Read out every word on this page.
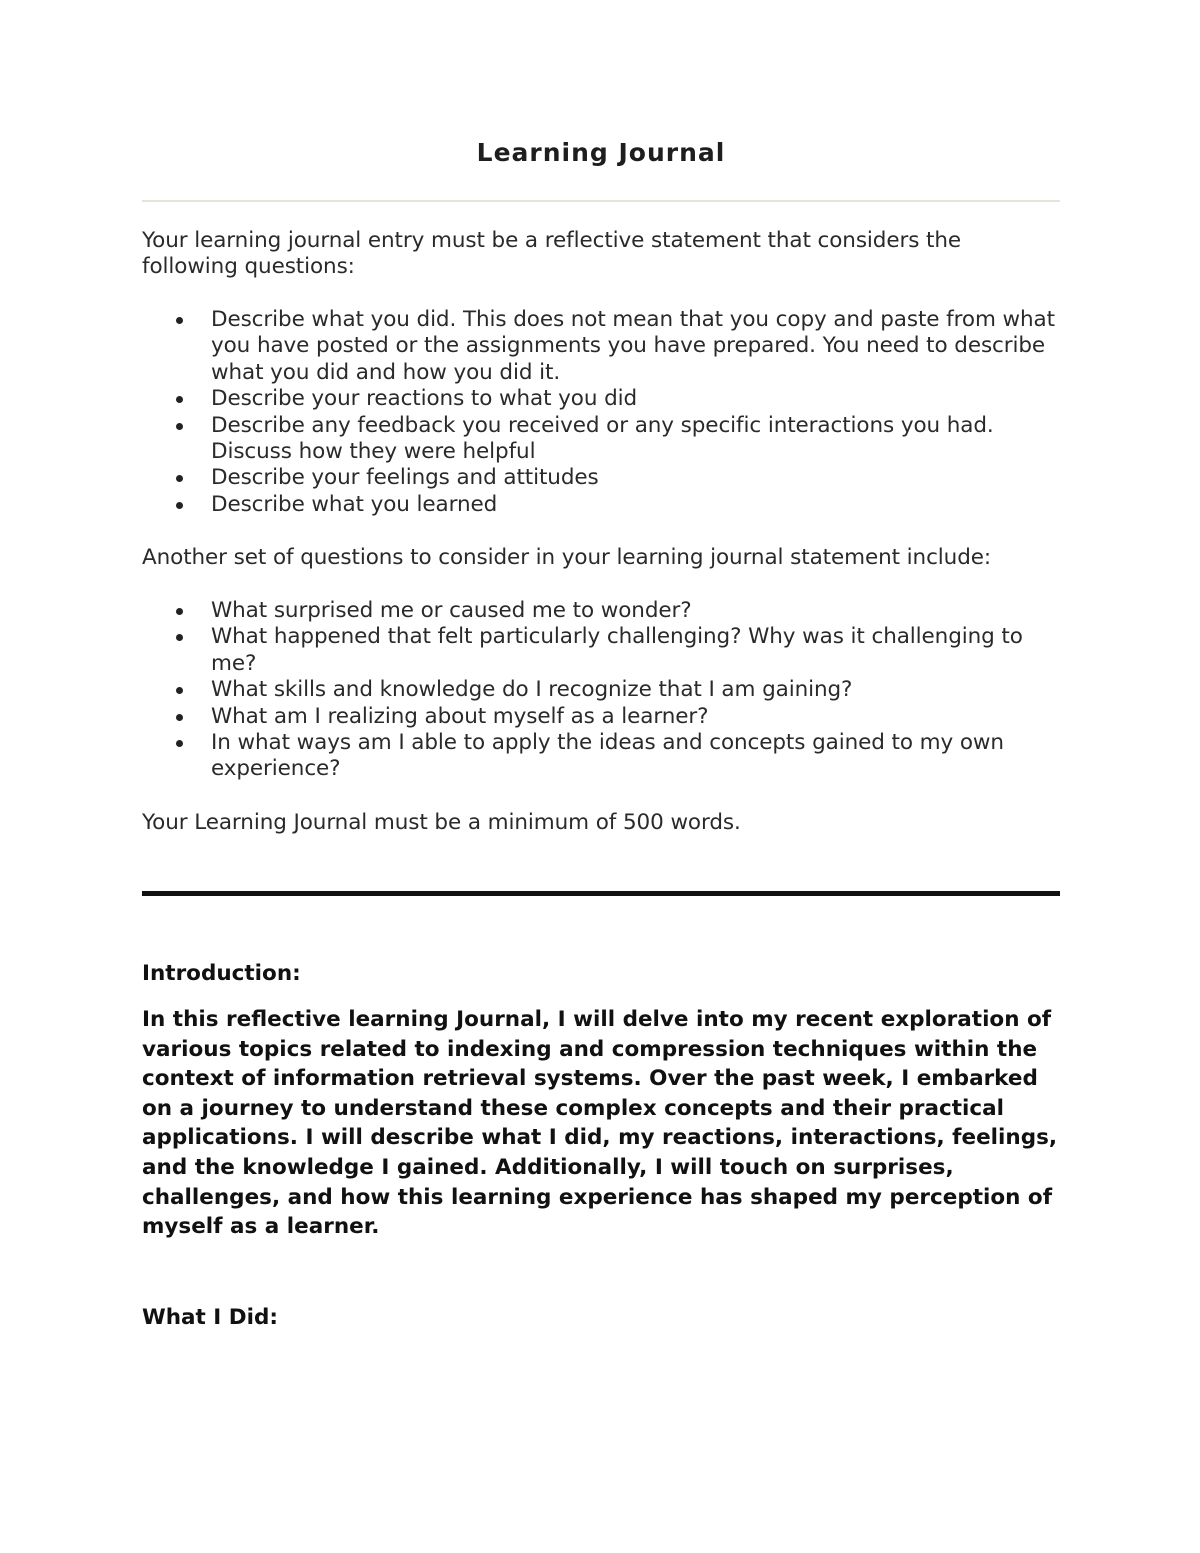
Learning Journal

Your learning journal entry must be a reflective statement that considers the following questions:

Describe what you did. This does not mean that you copy and paste from what you have posted or the assignments you have prepared. You need to describe what you did and how you did it.
Describe your reactions to what you did
Describe any feedback you received or any specific interactions you had. Discuss how they were helpful
Describe your feelings and attitudes
Describe what you learned

Another set of questions to consider in your learning journal statement include:

What surprised me or caused me to wonder?
What happened that felt particularly challenging? Why was it challenging to me?
What skills and knowledge do I recognize that I am gaining?
What am I realizing about myself as a learner?
In what ways am I able to apply the ideas and concepts gained to my own experience?

Your Learning Journal must be a minimum of 500 words.

Introduction:

In this reflective learning Journal, I will delve into my recent exploration of various topics related to indexing and compression techniques within the context of information retrieval systems. Over the past week, I embarked on a journey to understand these complex concepts and their practical applications. I will describe what I did, my reactions, interactions, feelings, and the knowledge I gained. Additionally, I will touch on surprises, challenges, and how this learning experience has shaped my perception of myself as a learner.

What I Did:
